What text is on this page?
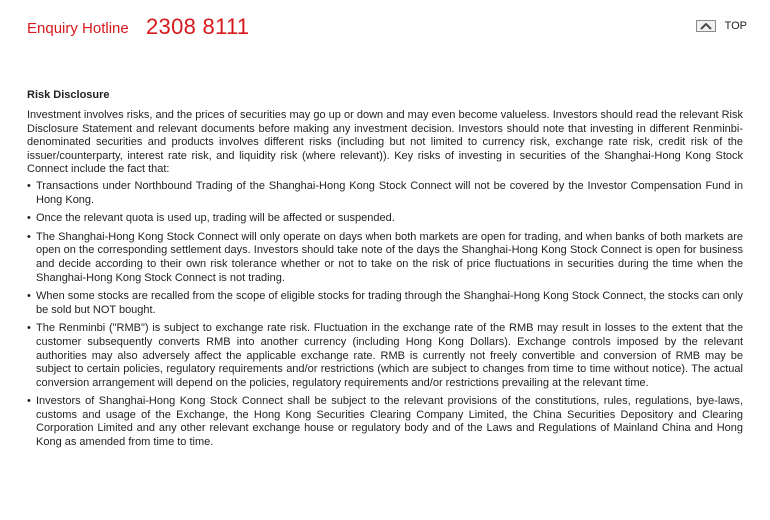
Enquiry Hotline 2308 8111	TOP

Risk Disclosure

Investment involves risks, and the prices of securities may go up or down and may even become valueless. Investors should read the relevant Risk Disclosure Statement and relevant documents before making any investment decision. Investors should note that investing in different Renminbi-denominated securities and products involves different risks (including but not limited to currency risk, exchange rate risk, credit risk of the issuer/counterparty, interest rate risk, and liquidity risk (where relevant)). Key risks of investing in securities of the Shanghai-Hong Kong Stock Connect include the fact that:

• Transactions under Northbound Trading of the Shanghai-Hong Kong Stock Connect will not be covered by the Investor Compensation Fund in Hong Kong.
• Once the relevant quota is used up, trading will be affected or suspended.
• The Shanghai-Hong Kong Stock Connect will only operate on days when both markets are open for trading, and when banks of both markets are open on the corresponding settlement days. Investors should take note of the days the Shanghai-Hong Kong Stock Connect is open for business and decide according to their own risk tolerance whether or not to take on the risk of price fluctuations in securities during the time when the Shanghai-Hong Kong Stock Connect is not trading.
• When some stocks are recalled from the scope of eligible stocks for trading through the Shanghai-Hong Kong Stock Connect, the stocks can only be sold but NOT bought.
• The Renminbi ("RMB") is subject to exchange rate risk. Fluctuation in the exchange rate of the RMB may result in losses to the extent that the customer subsequently converts RMB into another currency (including Hong Kong Dollars). Exchange controls imposed by the relevant authorities may also adversely affect the applicable exchange rate. RMB is currently not freely convertible and conversion of RMB may be subject to certain policies, regulatory requirements and/or restrictions (which are subject to changes from time to time without notice). The actual conversion arrangement will depend on the policies, regulatory requirements and/or restrictions prevailing at the relevant time.
• Investors of Shanghai-Hong Kong Stock Connect shall be subject to the relevant provisions of the constitutions, rules, regulations, bye-laws, customs and usage of the Exchange, the Hong Kong Securities Clearing Company Limited, the China Securities Depository and Clearing Corporation Limited and any other relevant exchange house or regulatory body and of the Laws and Regulations of Mainland China and Hong Kong as amended from time to time.
